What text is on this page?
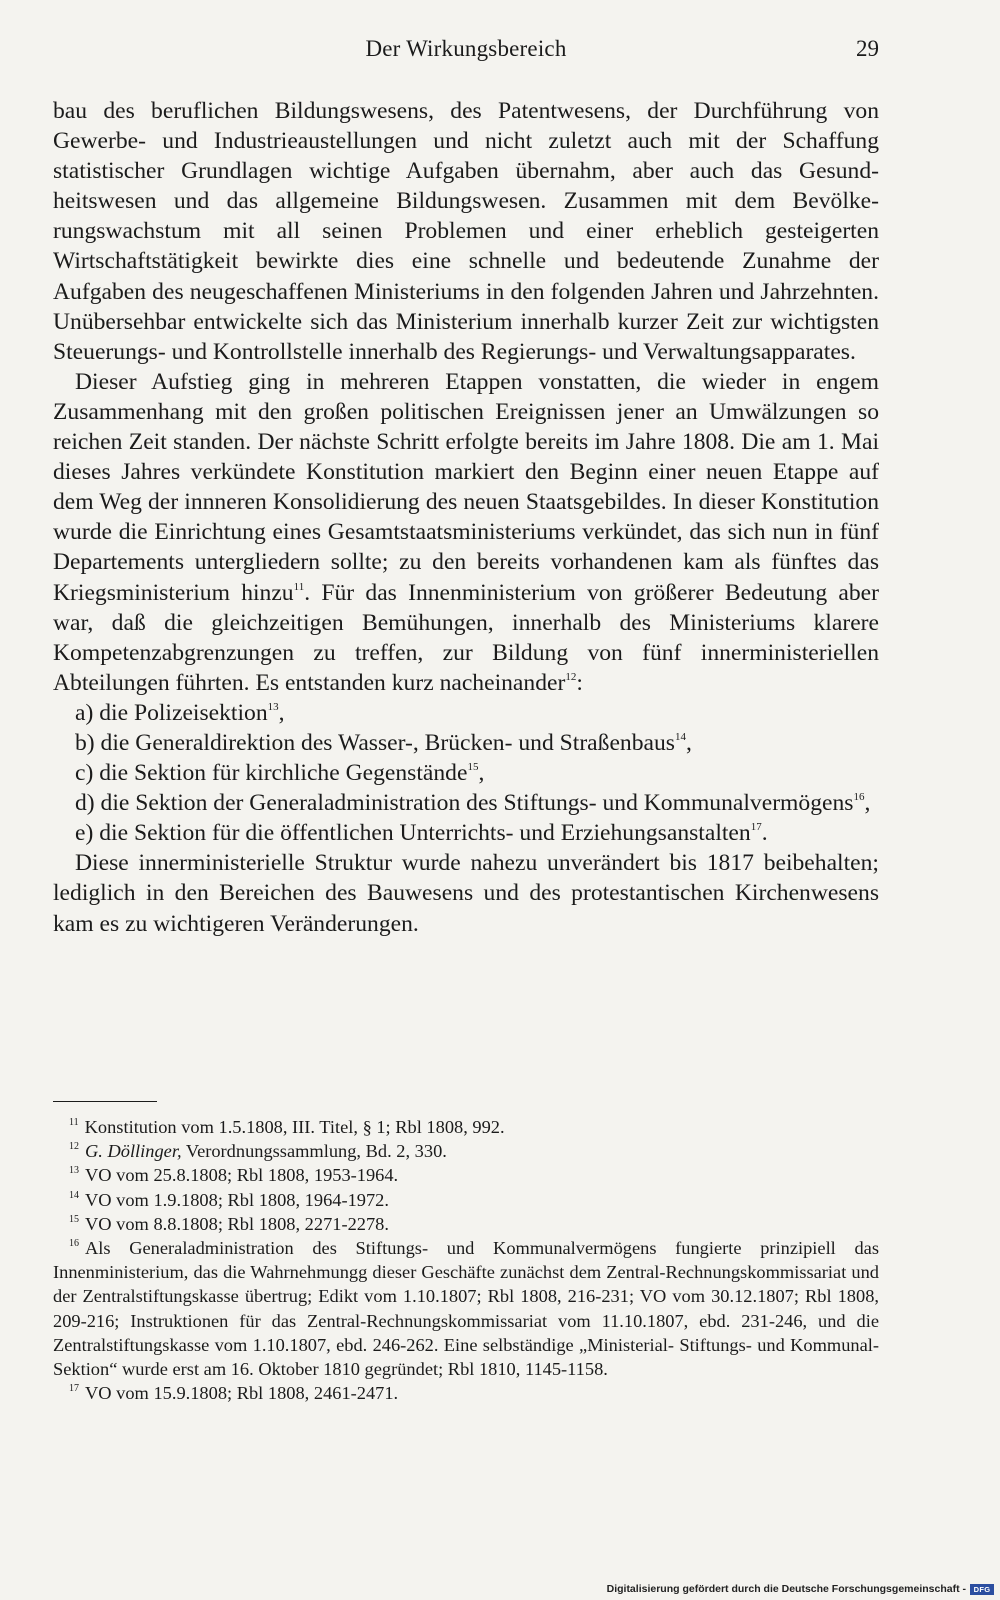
Der Wirkungsbereich	29

bau des beruflichen Bildungswesens, des Patentwesens, der Durchführung von Gewerbe- und Industrieaustellungen und nicht zuletzt auch mit der Schaffung statistischer Grundlagen wichtige Aufgaben übernahm, aber auch das Gesundheitswesen und das allgemeine Bildungswesen. Zusammen mit dem Bevölkerungswachstum mit all seinen Problemen und einer erheblich gesteigerten Wirtschaftstätigkeit bewirkte dies eine schnelle und bedeutende Zunahme der Aufgaben des neugeschaffenen Ministeriums in den folgenden Jahren und Jahrzehnten. Unübersehbar entwickelte sich das Ministerium innerhalb kurzer Zeit zur wichtigsten Steuerungs- und Kontrollstelle innerhalb des Regierungs- und Verwaltungsapparates.

Dieser Aufstieg ging in mehreren Etappen vonstatten, die wieder in engem Zusammenhang mit den großen politischen Ereignissen jener an Umwälzungen so reichen Zeit standen. Der nächste Schritt erfolgte bereits im Jahre 1808. Die am 1. Mai dieses Jahres verkündete Konstitution markiert den Beginn einer neuen Etappe auf dem Weg der innneren Konsolidierung des neuen Staatsgebildes. In dieser Konstitution wurde die Einrichtung eines Gesamtstaatsministeriums verkündet, das sich nun in fünf Departements untergliedern sollte; zu den bereits vorhandenen kam als fünftes das Kriegsministerium hinzu$^{11}$. Für das Innenministerium von größerer Bedeutung aber war, daß die gleichzeitigen Bemühungen, innerhalb des Ministeriums klarere Kompetenzabgrenzungen zu treffen, zur Bildung von fünf innerministeriellen Abteilungen führten. Es entstanden kurz nacheinander$^{12}$:

a) die Polizeisektion$^{13}$,

b) die Generaldirektion des Wasser-, Brücken- und Straßenbaus$^{14}$,

c) die Sektion für kirchliche Gegenstände$^{15}$,

d) die Sektion der Generaladministration des Stiftungs- und Kommunalvermögens$^{16}$,

e) die Sektion für die öffentlichen Unterrichts- und Erziehungsanstalten$^{17}$.

Diese innerministerielle Struktur wurde nahezu unverändert bis 1817 beibehalten; lediglich in den Bereichen des Bauwesens und des protestantischen Kirchenwesens kam es zu wichtigeren Veränderungen.

$^{11}$ Konstitution vom 1.5.1808, III. Titel, § 1; Rbl 1808, 992.

$^{12}$ G. Döllinger, Verordnungssammlung, Bd. 2, 330.

$^{13}$ VO vom 25.8.1808; Rbl 1808, 1953-1964.

$^{14}$ VO vom 1.9.1808; Rbl 1808, 1964-1972.

$^{15}$ VO vom 8.8.1808; Rbl 1808, 2271-2278.

$^{16}$ Als Generaladministration des Stiftungs- und Kommunalvermögens fungierte prinzipiell das Innenministerium, das die Wahrnehmungg dieser Geschäfte zunächst dem Zentral-Rechnungskommissariat und der Zentralstiftungskasse übertrug; Edikt vom 1.10.1807; Rbl 1808, 216-231; VO vom 30.12.1807; Rbl 1808, 209-216; Instruktionen für das Zentral-Rechnungskommissariat vom 11.10.1807, ebd. 231-246, und die Zentralstiftungskasse vom 1.10.1807, ebd. 246-262. Eine selbständige „Ministerial- Stiftungs- und Kommunal-Sektion“ wurde erst am 16. Oktober 1810 gegründet; Rbl 1810, 1145-1158.

$^{17}$ VO vom 15.9.1808; Rbl 1808, 2461-2471.

Digitalisierung gefördert durch die Deutsche Forschungsgemeinschaft -	DFG
